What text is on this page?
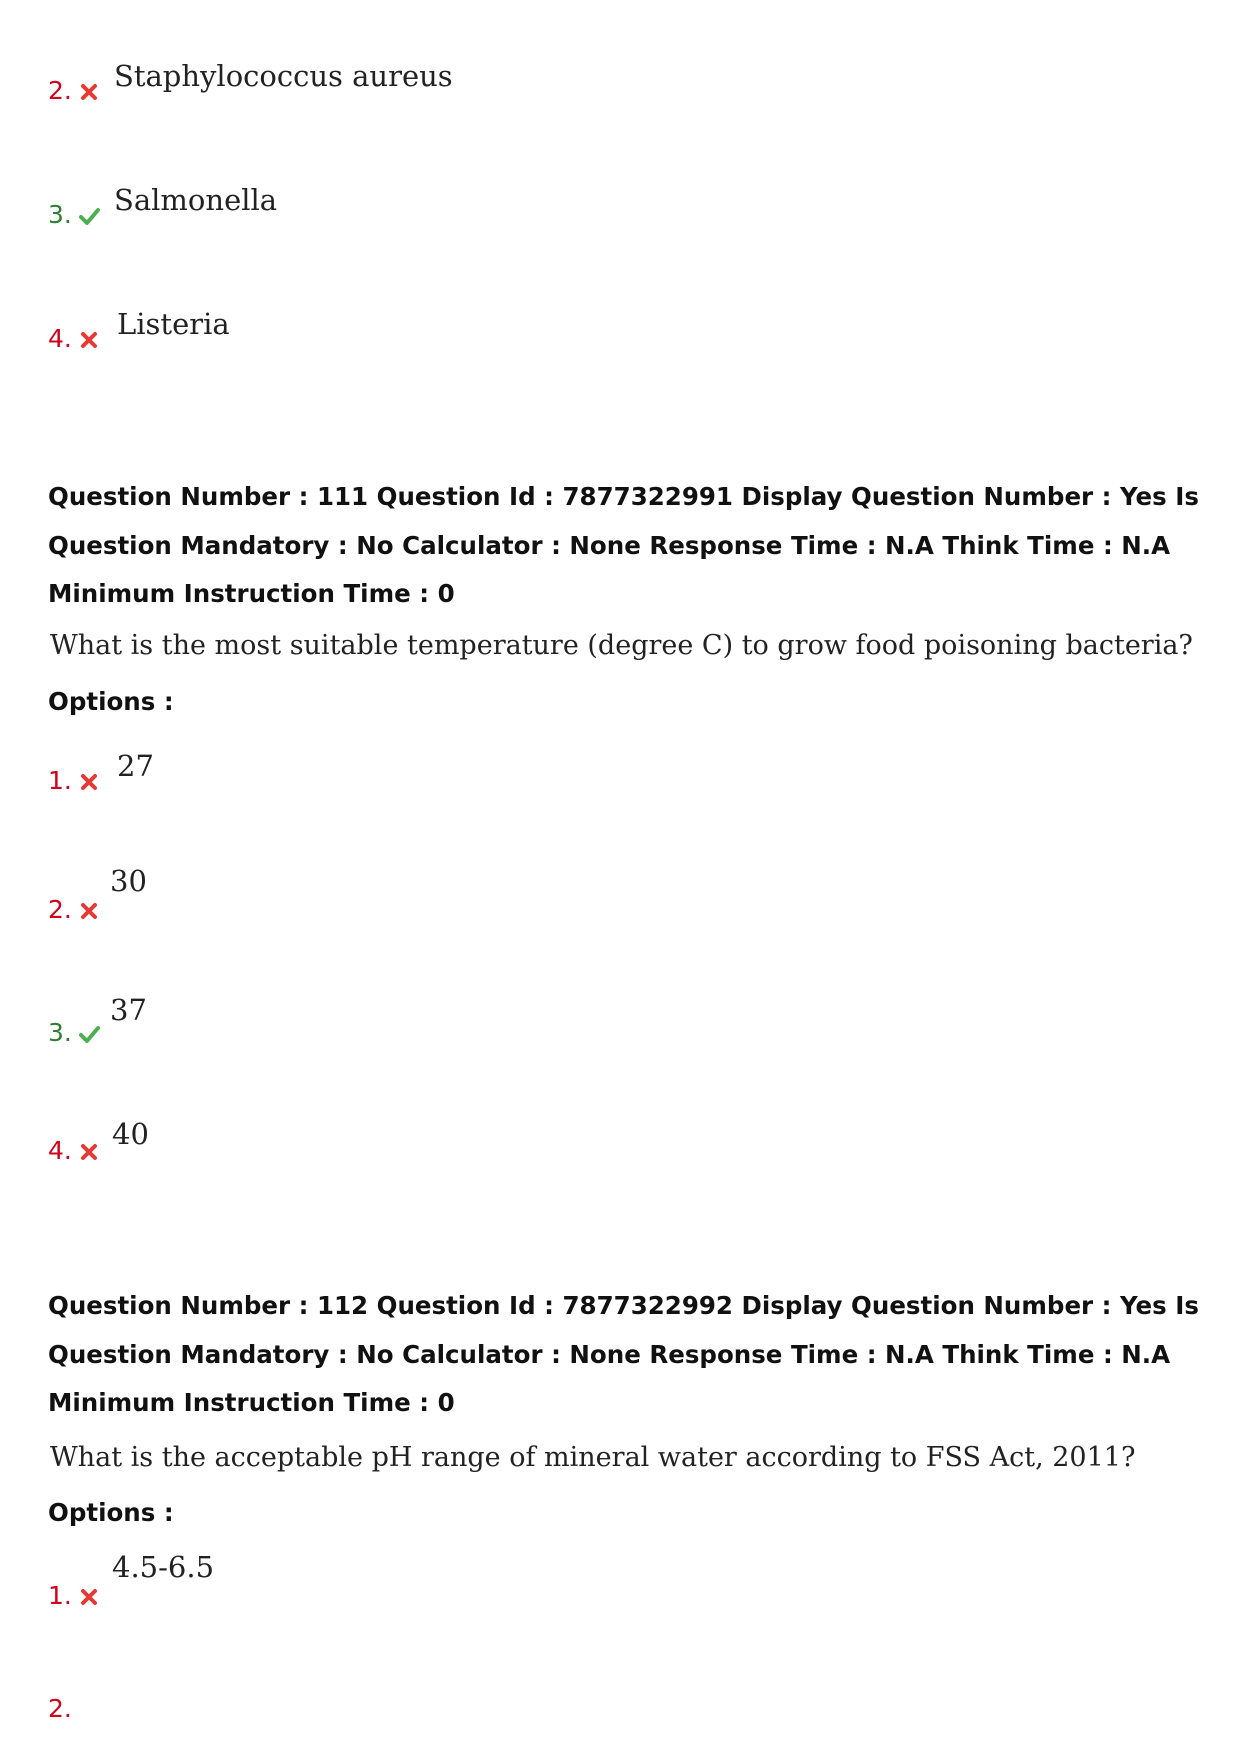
2. Staphylococcus aureus
3. Salmonella
4. Listeria

Question Number : 111 Question Id : 7877322991 Display Question Number : Yes Is Question Mandatory : No Calculator : None Response Time : N.A Think Time : N.A Minimum Instruction Time : 0

What is the most suitable temperature (degree C) to grow food poisoning bacteria?

Options :
1. 27
2.
30
3.
37
4. 40

Question Number : 112 Question Id : 7877322992 Display Question Number : Yes Is Question Mandatory : No Calculator : None Response Time : N.A Think Time : N.A Minimum Instruction Time : 0

What is the acceptable pH range of mineral water according to FSS Act, 2011?

Options :
1.
4.5-6.5
2.
